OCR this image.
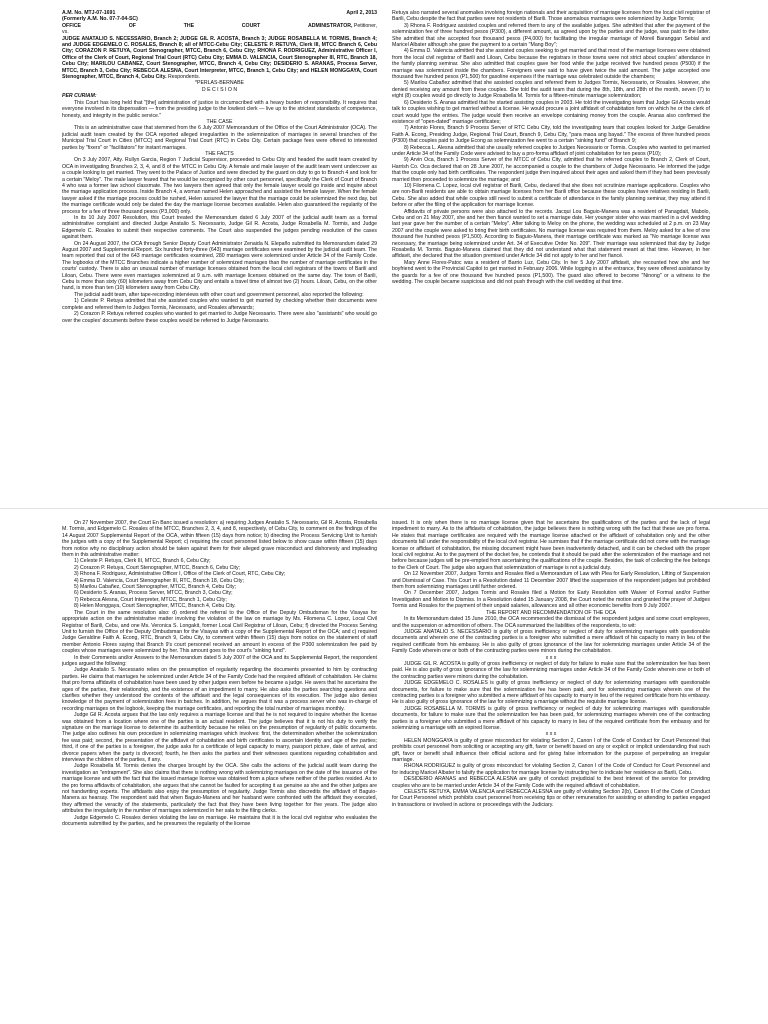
A.M. No. MTJ-07-1691	April 2, 2013

(Formerly A.M. No. 07-7-04-SC)

OFFICE	OF	THE	COURT	ADMINISTRATOR, Petitioner,

vs.

JUDGE ANATALIO S. NECESSARIO, Branch 2; JUDGE GIL R. ACOSTA, Branch 3; JUDGE ROSABELLA M. TORMIS, Branch 4; and JUDGE EDGEMELO C. ROSALES, Branch 8; all of MTCC-Cebu City; CELESTE P. RETUYA, Clerk III, MTCC Branch 6, Cebu City; CORAZON P. RETUYA, Court Stenographer, MTCC, Branch 6, Cebu City; RHONA F. RODRIGUEZ, Administrative Officer I, Office of the Clerk of Court, Regional Trial Court (RTC) Cebu City; EMMA D. VALENCIA, Court Stenographer III, RTC, Branch 18, Cebu City; MARILOU CABANEZ, Court Stenographer, MTCC, Branch 4, Cebu City; DESIDERIO S. ARANAS, Process Server, MTCC, Branch 3, Cebu City; REBECCA ALESNA, Court Interpreter, MTCC, Branch 1, Cebu City; and HELEN MONGGAYA, Court Stenographer, MTCC, Branch 4, Cebu City. Respondents.

*PERLAS-BERNABE

D E C I S I O N

PER CURIAM:

This Court has long held that "[the] administration of justice is circumscribed with a heavy burden of responsibility. It requires that everyone involved in its dispensation — from the presiding judge to the lowliest clerk — live up to the strictest standards of competence, honesty, and integrity in the public service."

THE CASE

This is an administrative case that stemmed from the 6 July 2007 Memorandum of the Office of the Court Administrator (OCA). The judicial audit team created by the OCA reported alleged irregularities in the solemnization of marriages in several branches of the Municipal Trial Court in Cities (MTCC) and Regional Trial Court (RTC) in Cebu City. Certain package fees were offered to interested parties by "fixers" or "facilitators" for instant marriages.

THE FACTS

On 3 July 2007, Atty. Rullyn Garcia, Region 7 Judicial Supervisor, proceeded to Cebu City and headed the audit team created by OCA in investigating Branches 2, 3, 4, and 8 of the MTCC in Cebu City. A female and male lawyer of the audit team went undercover as a couple looking to get married. They went to the Palace of Justice and were directed by the guard on duty to go to Branch 4 and look for a certain "Meloy". The male lawyer feared that he would be recognized by other court personnel, specifically the Clerk of Court of Branch 4 who was a former law school classmate. The two lawyers then agreed that only the female lawyer would go inside and inquire about the marriage application process. Inside Branch 4, a woman named Helen approached and assisted the female lawyer. When the female lawyer asked if the marriage process could be rushed, Helen assured the lawyer that the marriage could be solemnized the next day, but the marriage certificate would only be dated the day the marriage license becomes available. Helen also guaranteed the regularity of the process for a fee of three thousand pesos (P3,000) only.

In its 10 July 2007 Resolution, this Court treated the Memorandum dated 6 July 2007 of the judicial audit team as a formal administrative complaint and directed Judge Anatalio S. Necessario, Judge Gil R. Acosta, Judge Rosabella M. Tormis, and Judge Edgemelo C. Rosales to submit their respective comments. The Court also suspended the judges pending resolution of the cases against them.

On 24 August 2007, the OCA through Senior Deputy Court Administrator Zenaida N. Elepaño submitted its Memorandum dated 29 August 2007 and Supplemental Report. Six hundred forty-three (643) marriage certificates were examined by the judicial audit team. The team reported that out of the 643 marriage certificates examined, 280 marriages were solemnized under Article 34 of the Family Code. The logbooks of the MTCC Branches indicate a higher number of solemnized marriages than the number of marriage certificates in the courts' custody. There is also an unusual number of marriage licenses obtained from the local civil registrars of the towns of Barili and Liloan, Cebu. There were even marriages solemnized at 9 a.m. with marriage licenses obtained on the same day. The town of Barili, Cebu is more than sixty (60) kilometers away from Cebu City and entails a travel time of almost two (2) hours. Liloan, Cebu, on the other hand, is more than ten (10) kilometers away from Cebu City.

The judicial audit team, after tape-recording interviews with other court and government personnel, also reported the following:

1) Celeste P. Retuya admitted that she assisted couples who wanted to get married by checking whether their documents were complete and referred them to Judges Tormis, Necessario, and Rosales afterwards;

2) Corazon P. Retuya referred couples who wanted to get married to Judge Necessario. There were also "assistants" who would go over the couples' documents before these couples would be referred to Judge Necessario.

Retuya also narrated several anomalies involving foreign nationals and their acquisition of marriage licenses from the local civil registrar of Barili, Cebu despite the fact that parties were not residents of Barili. Those anomalous marriages were solemnized by Judge Tormis;

3) Rhona F. Rodriguez assisted couples and referred them to any of the available judges. She admitted that after the payment of the solemnization fee of three hundred pesos (P300), a different amount, as agreed upon by the parties and the judge, was paid to the latter. She admitted that she accepted four thousand pesos (P4,000) for facilitating the irregular marriage of Moreil Baranggan Sebial and Maricel Albater although she gave the payment to a certain "Mang Boy";

4) Emma D. Valencia admitted that she assisted couples seeking to get married and that most of the marriage licenses were obtained from the local civil registrar of Barili and Liloan, Cebu because the registrars in those towns were not strict about couples' attendance in the family planning seminar. She also admitted that couples gave her food while the judge received five hundred pesos (P500) if the marriage was solemnized inside the chambers. Foreigners were said to have given twice the said amount. The judge accepted one thousand five hundred pesos (P1,500) for gasoline expenses if the marriage was celebrated outside the chambers;

5) Marilou Cabañez admitted that she assisted couples and referred them to Judges Tormis, Necessario, or Rosales. However, she denied receiving any amount from these couples. She told the audit team that during the 8th, 18th, and 28th of the month, seven (7) to eight (8) couples would go directly to Judge Rosabella M. Tormis for a fifteen-minute marriage solemnization;

6) Desiderio S. Aranas admitted that he started assisting couples in 2003. He told the investigating team that Judge Gil Acosta would talk to couples wishing to get married without a license. He would procure a joint affidavit of cohabitation form on which he or the clerk of court would type the entries. The judge would then receive an envelope containing money from the couple. Aranas also confirmed the existence of "open-dated" marriage certificates;

7) Antonio Flores, Branch 9 Process Server of RTC Cebu City, told the investigating team that couples looked for Judge Geraldine Faith A. Econg, Presiding Judge, Regional Trial Court, Branch 9, Cebu City, "para maoa ang bayad." The excess of three hundred pesos (P300) that couples paid to Judge Econg as solemnization fee went to a certain "sinking fund" of Branch 9;

8) Rebecca L. Alesna admitted that she usually referred couples to Judges Necessario or Tormis. Couples who wanted to get married under Article 34 of the Family Code were advised to buy a pro-forma affidavit of joint cohabitation for ten pesos (P10);

9) Arvin Oca, Branch 1 Process Server of the MTCC of Cebu City, admitted that he referred couples to Branch 2, Clerk of Court, Harrish Co. Oca declared that on 28 June 2007, he accompanied a couple to the chambers of Judge Necessario. He informed the judge that the couple only had birth certificates. The respondent judge then inquired about their ages and asked them if they had been previously married then proceeded to solemnize the marriage; and

10) Filomena C. Lopez, local civil registrar of Barili, Cebu, declared that she does not scrutinize marriage applications. Couples who are non-Barili residents are able to obtain marriage licenses from her Barili office because these couples have relatives residing in Barili, Cebu. She also added that while couples still need to submit a certificate of attendance in the family planning seminar, they may attend it before or after the filing of the application for marriage license.

Affidavits of private persons were also attached to the records. Jacqui Lou Baguio-Manera was a resident of Panagdait, Mabolo, Cebu and on 21 May 2007, she and her then fiancé wanted to set a marriage date. Her younger sister who was married in a civil wedding last year gave her the number of a certain "Meloy". After talking to Meloy on the phone, the wedding was scheduled at 2 p.m. on 23 May 2007 and the couple were asked to bring their birth certificates. No marriage license was required from them. Meloy asked for a fee of one thousand five hundred pesos (P1,500). According to Baguio-Manera, their marriage certificate was marked as "No marriage license was necessary, the marriage being solemnized under Art. 34 of Executive Order No. 209". Their marriage was solemnized that day by Judge Rosabella M. Tormis. Baguio-Manera claimed that they did not understand what that statement meant at that time. However, in her affidavit, she declared that the situation premised under Article 34 did not apply to her and her fiancé.

Mary Anne Flores-Patoc was a resident of Barrio Luz, Cebu City. In her 5 July 2007 affidavit, she recounted how she and her boyfriend went to the Provincial Capitol to get married in February 2006. While logging in at the entrance, they were offered assistance by the guards for a fee of one thousand five hundred pesos (P1,500). The guard also offered to become "Ninong" or a witness to the wedding. The couple became suspicious and did not push through with the civil wedding at that time.

On 27 November 2007, the Court En Banc issued a resolution: a) requiring Judges Anatalio S. Necessario, Gil R. Acosta, Rosabella M. Tormis, and Edgemelo C. Rosales of the MTCC, Branches 2, 3, 4, and 8, respectively, of Cebu City, to comment on the findings of the 14 August 2007 Supplemental Report of the OCA, within fifteen (15) days from notice; b) directing the Process Servicing Unit to furnish the judges with a copy of the Supplemental Report; c) requiring the court personnel listed below to show cause within fifteen (15) days from notice why no disciplinary action should be taken against them for their alleged grave misconduct and dishonesty and impleading them in this administrative matter:

1) Celeste P. Retuya, Clerk III, MTCC, Branch 6, Cebu City;

2) Corazon P. Retuya, Court Stenographer, MTCC, Branch 6, Cebu City;

3) Rhona F. Rodriguez, Administrative Officer I, Office of the Clerk of Court, RTC, Cebu City;

4) Emma D. Valencia, Court Stenographer III, RTC, Branch 18, Cebu City;

5) Marilou Cabañez, Court Stenographer, MTCC, Branch 4, Cebu City;

6) Desiderio S. Aranas, Process Server, MTCC, Branch 3, Cebu City;

7) Rebecca Alesna, Court Interpreter, MTCC, Branch 1, Cebu City;

8) Helen Monggaya, Court Stenographer, MTCC, Branch 4, Cebu City.

The Court in the same resolution also: d) ordered the referral to the Office of the Deputy Ombudsman for the Visayas for appropriate action on the administrative matter involving the violation of the law on marriage by Ms. Filomena C. Lopez, Local Civil Registrar of Barili, Cebu, and one Ms. Veronica S. Longakit, former Local Civil Registrar of Liloan, Cebu; f) directed the Process Serving Unit to furnish the Office of the Deputy Ombudsman for the Visayas with a copy of the Supplemental Report of the OCA; and c) required Judge Geraldine Faith A. Econg, RTC, Branch 9, Cebu City, to comment within fifteen (15) days from notice on the statement of staff member Antonio Flores saying that Branch 9's court personnel received an amount in excess of the P300 solemnization fee paid by couples whose marriages were solemnized by her. This amount goes to the court's "sinking fund".

In their Comments and/or Answers to the Memorandum dated 5 July 2007 of the OCA and its Supplemental Report, the respondent judges argued the following:

Judge Anatalio S. Necessario relies on the presumption of regularity regarding the documents presented to him by contracting parties. He claims that marriages he solemnized under Article 34 of the Family Code had the required affidavit of cohabitation. He claims that pro forma affidavits of cohabitation have been used by other judges even before he became a judge. He avers that he ascertains the ages of the parties, their relationship, and the existence of an impediment to marry. He also asks the parties searching questions and clarifies whether they understood the contents of the affidavit and the legal consequences of its execution. The judge also denies knowledge of the payment of solemnization fees in batches. In addition, he argues that it was a process server who was in-charge of recording marriages on the logbook, keeping the marriage certificates, and reporting the total number of marriages monthly.

Judge Gil R. Acosta argues that the law only requires a marriage license and that he is not required to inquire whether the license was obtained from a location where one of the parties is an actual resident. The judge believes that it is not his duty to verify the signature on the marriage license to determine its authenticity because he relies on the presumption of regularity of public documents. The judge also outlines his own procedure in solemnizing marriages which involves: first, the determination whether the solemnization fee was paid; second, the presentation of the affidavit of cohabitation and birth certificates to ascertain identity and age of the parties; third, if one of the parties is a foreigner, the judge asks for a certificate of legal capacity to marry, passport picture, date of arrival, and divorce papers when the party is divorced; fourth, he then asks the parties and their witnesses questions regarding cohabitation and interviews the children of the parties, if any.

Judge Rosabella M. Tormis denies the charges brought by the OCA. She calls the actions of the judicial audit team during the investigation an "entrapment". She also claims that there is nothing wrong with solemnizing marriages on the date of the issuance of the marriage license and with the fact that the issued marriage license was obtained from a place where neither of the parties resided. As to the pro forma affidavits of cohabitation, she argues that she cannot be faulted for accepting it as genuine as she and the other judges are not handwriting experts. The affidavits also enjoy the presumption of regularity. Judge Tormis also discredits the affidavit of Baguio-Manera as hearsay. The respondent said that when Baguio-Manera and her husband were confronted with the affidavit they executed, they affirmed the veracity of the statements, particularly the fact that they have been living together for five years. The judge also attributes the irregularity in the number of marriages solemnized in her sala to the filing clerks.

Judge Edgemelo C. Rosales denies violating the law on marriage. He maintains that it is the local civil registrar who evaluates the documents submitted by the parties, and he presumes the regularity of the license

issued. It is only when there is no marriage license given that he ascertains the qualifications of the parties and the lack of legal impediment to marry. As to the affidavits of cohabitation, the judge believes there is nothing wrong with the fact that these are pro forma. He states that marriage certificates are required with the marriage license attached or the affidavit of cohabitation only and the other documents fall under the responsibility of the local civil registrar. He surmises that if the marriage certificate did not come with the marriage license or affidavit of cohabitation, the missing document might have been inadvertently detached, and it can be checked with the proper local civil registrar. As to the payment of the docket fee, he contends that it should be paid after the solemnization of the marriage and not before because judges will be pre-empted from ascertaining the qualifications of the couple. Besides, the task of collecting the fee belongs to the Clerk of Court. The judge also argues that solemnization of marriage is not a judicial duty.

On 12 November 2007, Judges Tormis and Rosales filed a Memorandum of Law with Plea for Early Resolution, Lifting of Suspension and Dismissal of Case. This Court in a Resolution dated 11 December 2007 lifted the suspension of the respondent judges but prohibited them from solemnizing marriages until further ordered.

On 7 December 2007, Judges Tormis and Rosales filed a Motion for Early Resolution with Waiver of Formal and/or Further Investigation and Motion to Dismiss. In a Resolution dated 15 January 2008, the Court noted the motion and granted the prayer of Judges Tormis and Rosales for the payment of their unpaid salaries, allowances and all other economic benefits from 9 July 2007.

THE REPORT AND RECOMMENDATION OF THE OCA

In its Memorandum dated 15 June 2010, the OCA recommended the dismissal of the respondent judges and some court employees, and the suspension or admonition of others. The OCA summarized the liabilities of the respondents, to wit:

JUDGE ANATALIO S. NECESSARIO is guilty of gross inefficiency or neglect of duty for solemnizing marriages with questionable documents and wherein one of the contracting parties is a foreigner who submitted a mere affidavit of his capacity to marry in lieu of the required certificate from his embassy. He is also guilty of gross ignorance of the law for solemnizing marriages under Article 34 of the Family Code wherein one or both of the contracting parties were minors during the cohabitation.

x x x

JUDGE GIL R. ACOSTA is guilty of gross inefficiency or neglect of duty for failure to make sure that the solemnization fee has been paid. He is also guilty of gross ignorance of the law for solemnizing marriages under Article 34 of the Family Code wherein one or both of the contracting parties were minors during the cohabitation.

JUDGE EDGEMELO C. ROSALES is guilty of gross inefficiency or neglect of duty for solemnizing marriages with questionable documents, for failure to make sure that the solemnization fee has been paid, and for solemnizing marriages wherein one of the contracting parties is a foreigner who submitted a mere affidavit of his capacity to marry in lieu of the required certificate from his embassy. He is also guilty of gross ignorance of the law for solemnizing a marriage without the requisite marriage license.

JUDGE ROSABELLA M. TORMIS is guilty of gross inefficiency or neglect of duty for solemnizing marriages with questionable documents, for failure to make sure that the solemnization fee has been paid, for solemnizing marriages wherein one of the contracting parties is a foreigner who submitted a mere affidavit of his capacity to marry in lieu of the required certificate from the embassy and for solemnizing a marriage with an expired license.

x x x

HELEN MONGGAYA is guilty of grave misconduct for violating Section 2, Canon I of the Code of Conduct for Court Personnel that prohibits court personnel from soliciting or accepting any gift, favor or benefit based on any or explicit or implicit understanding that such gift, favor or benefit shall influence their official actions and for giving false information for the purpose of perpetrating an irregular marriage.

RHONA RODRIGUEZ is guilty of gross misconduct for violating Section 2, Canon I of the Code of Conduct for Court Personnel and for inducing Maricel Albater to falsify the application for marriage license by instructing her to indicate her residence as Barili, Cebu.

DESIDERIO ARANAS and REBECCA ALESNA are guilty of conduct prejudicial to the best interest of the service for providing couples who are to be married under Article 34 of the Family Code with the required affidavit of cohabitation.

CELESTE RETUYA, EMMA VALENCIA and REBECCA ALESNA are guilty of violating Section 2(b), Canon III of the Code of Conduct for Court Personnel which prohibits court personnel from receiving tips or other remuneration for assisting or attending to parties engaged in transactions or involved in actions or proceedings with the Judiciary.
